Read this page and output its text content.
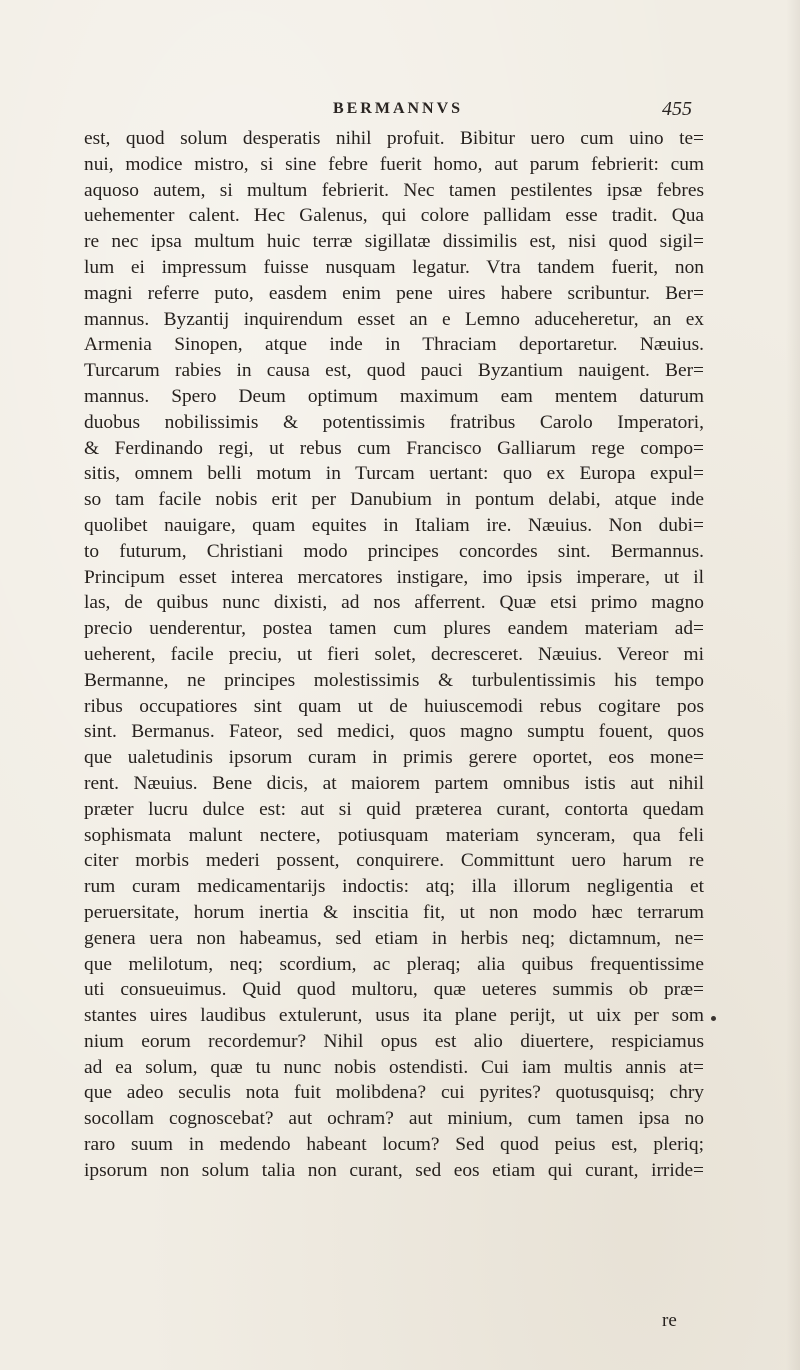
BERMANNVS	455
est, quod solum desperatis nihil profuit. Bibitur uero cum uino te=
nui, modice mistro, si sine febre fuerit homo, aut parum febrierit: cum
aquoso autem, si multum febrierit. Nec tamen pestilentes ipsæ febres
uehementer calent. Hec Galenus, qui colore pallidam esse tradit. Qua
re nec ipsa multum huic terræ sigillatæ dissimilis est, nisi quod sigil=
lum ei impressum fuisse nusquam legatur. Vtra tandem fuerit, non
magni referre puto, easdem enim pene uires habere scribuntur. Ber=
mannus. Byzantij inquirendum esset an e Lemno aduceheretur, an ex
Armenia Sinopen, atque inde in Thraciam deportaretur. Næuius.
Turcarum rabies in causa est, quod pauci Byzantium nauigent. Ber=
mannus. Spero Deum optimum maximum eam mentem daturum
duobus nobilissimis & potentissimis fratribus Carolo Imperatori,
& Ferdinando regi, ut rebus cum Francisco Galliarum rege compo=
sitis, omnem belli motum in Turcam uertant: quo ex Europa expul=
so tam facile nobis erit per Danubium in pontum delabi, atque inde
quolibet nauigare, quam equites in Italiam ire. Næuius. Non dubi=
to futurum, Christiani modo principes concordes sint. Bermannus.
Principum esset interea mercatores instigare, imo ipsis imperare, ut il
las, de quibus nunc dixisti, ad nos afferrent. Quæ etsi primo magno
precio uenderentur, postea tamen cum plures eandem materiam ad=
ueherent, facile preciu, ut fieri solet, decresceret. Næuius. Vereor mi
Bermanne, ne principes molestissimis & turbulentissimis his tempo
ribus occupatiores sint quam ut de huiuscemodi rebus cogitare pos
sint. Bermanus. Fateor, sed medici, quos magno sumptu fouent, quos
que ualetudinis ipsorum curam in primis gerere oportet, eos mone=
rent. Næuius. Bene dicis, at maiorem partem omnibus istis aut nihil
præter lucru dulce est: aut si quid præterea curant, contorta quedam
sophismata malunt nectere, potiusquam materiam synceram, qua feli
citer morbis mederi possent, conquirere. Committunt uero harum re
rum curam medicamentarijs indoctis: atq; illa illorum negligentia et
peruersitate, horum inertia & inscitia fit, ut non modo hæc terrarum
genera uera non habeamus, sed etiam in herbis neq; dictamnum, ne=
que melilotum, neq; scordium, ac pleraq; alia quibus frequentissime
uti consueuimus. Quid quod multoru, quæ ueteres summis ob præ=
stantes uires laudibus extulerunt, usus ita plane perijt, ut uix per som
nium eorum recordemur? Nihil opus est alio diuertere, respiciamus
ad ea solum, quæ tu nunc nobis ostendisti. Cui iam multis annis at=
que adeo seculis nota fuit molibdena? cui pyrites? quotusquisq; chry
socollam cognoscebat? aut ochram? aut minium, cum tamen ipsa no
raro suum in medendo habeant locum? Sed quod peius est, pleriq;
ipsorum non solum talia non curant, sed eos etiam qui curant, irride=
re
